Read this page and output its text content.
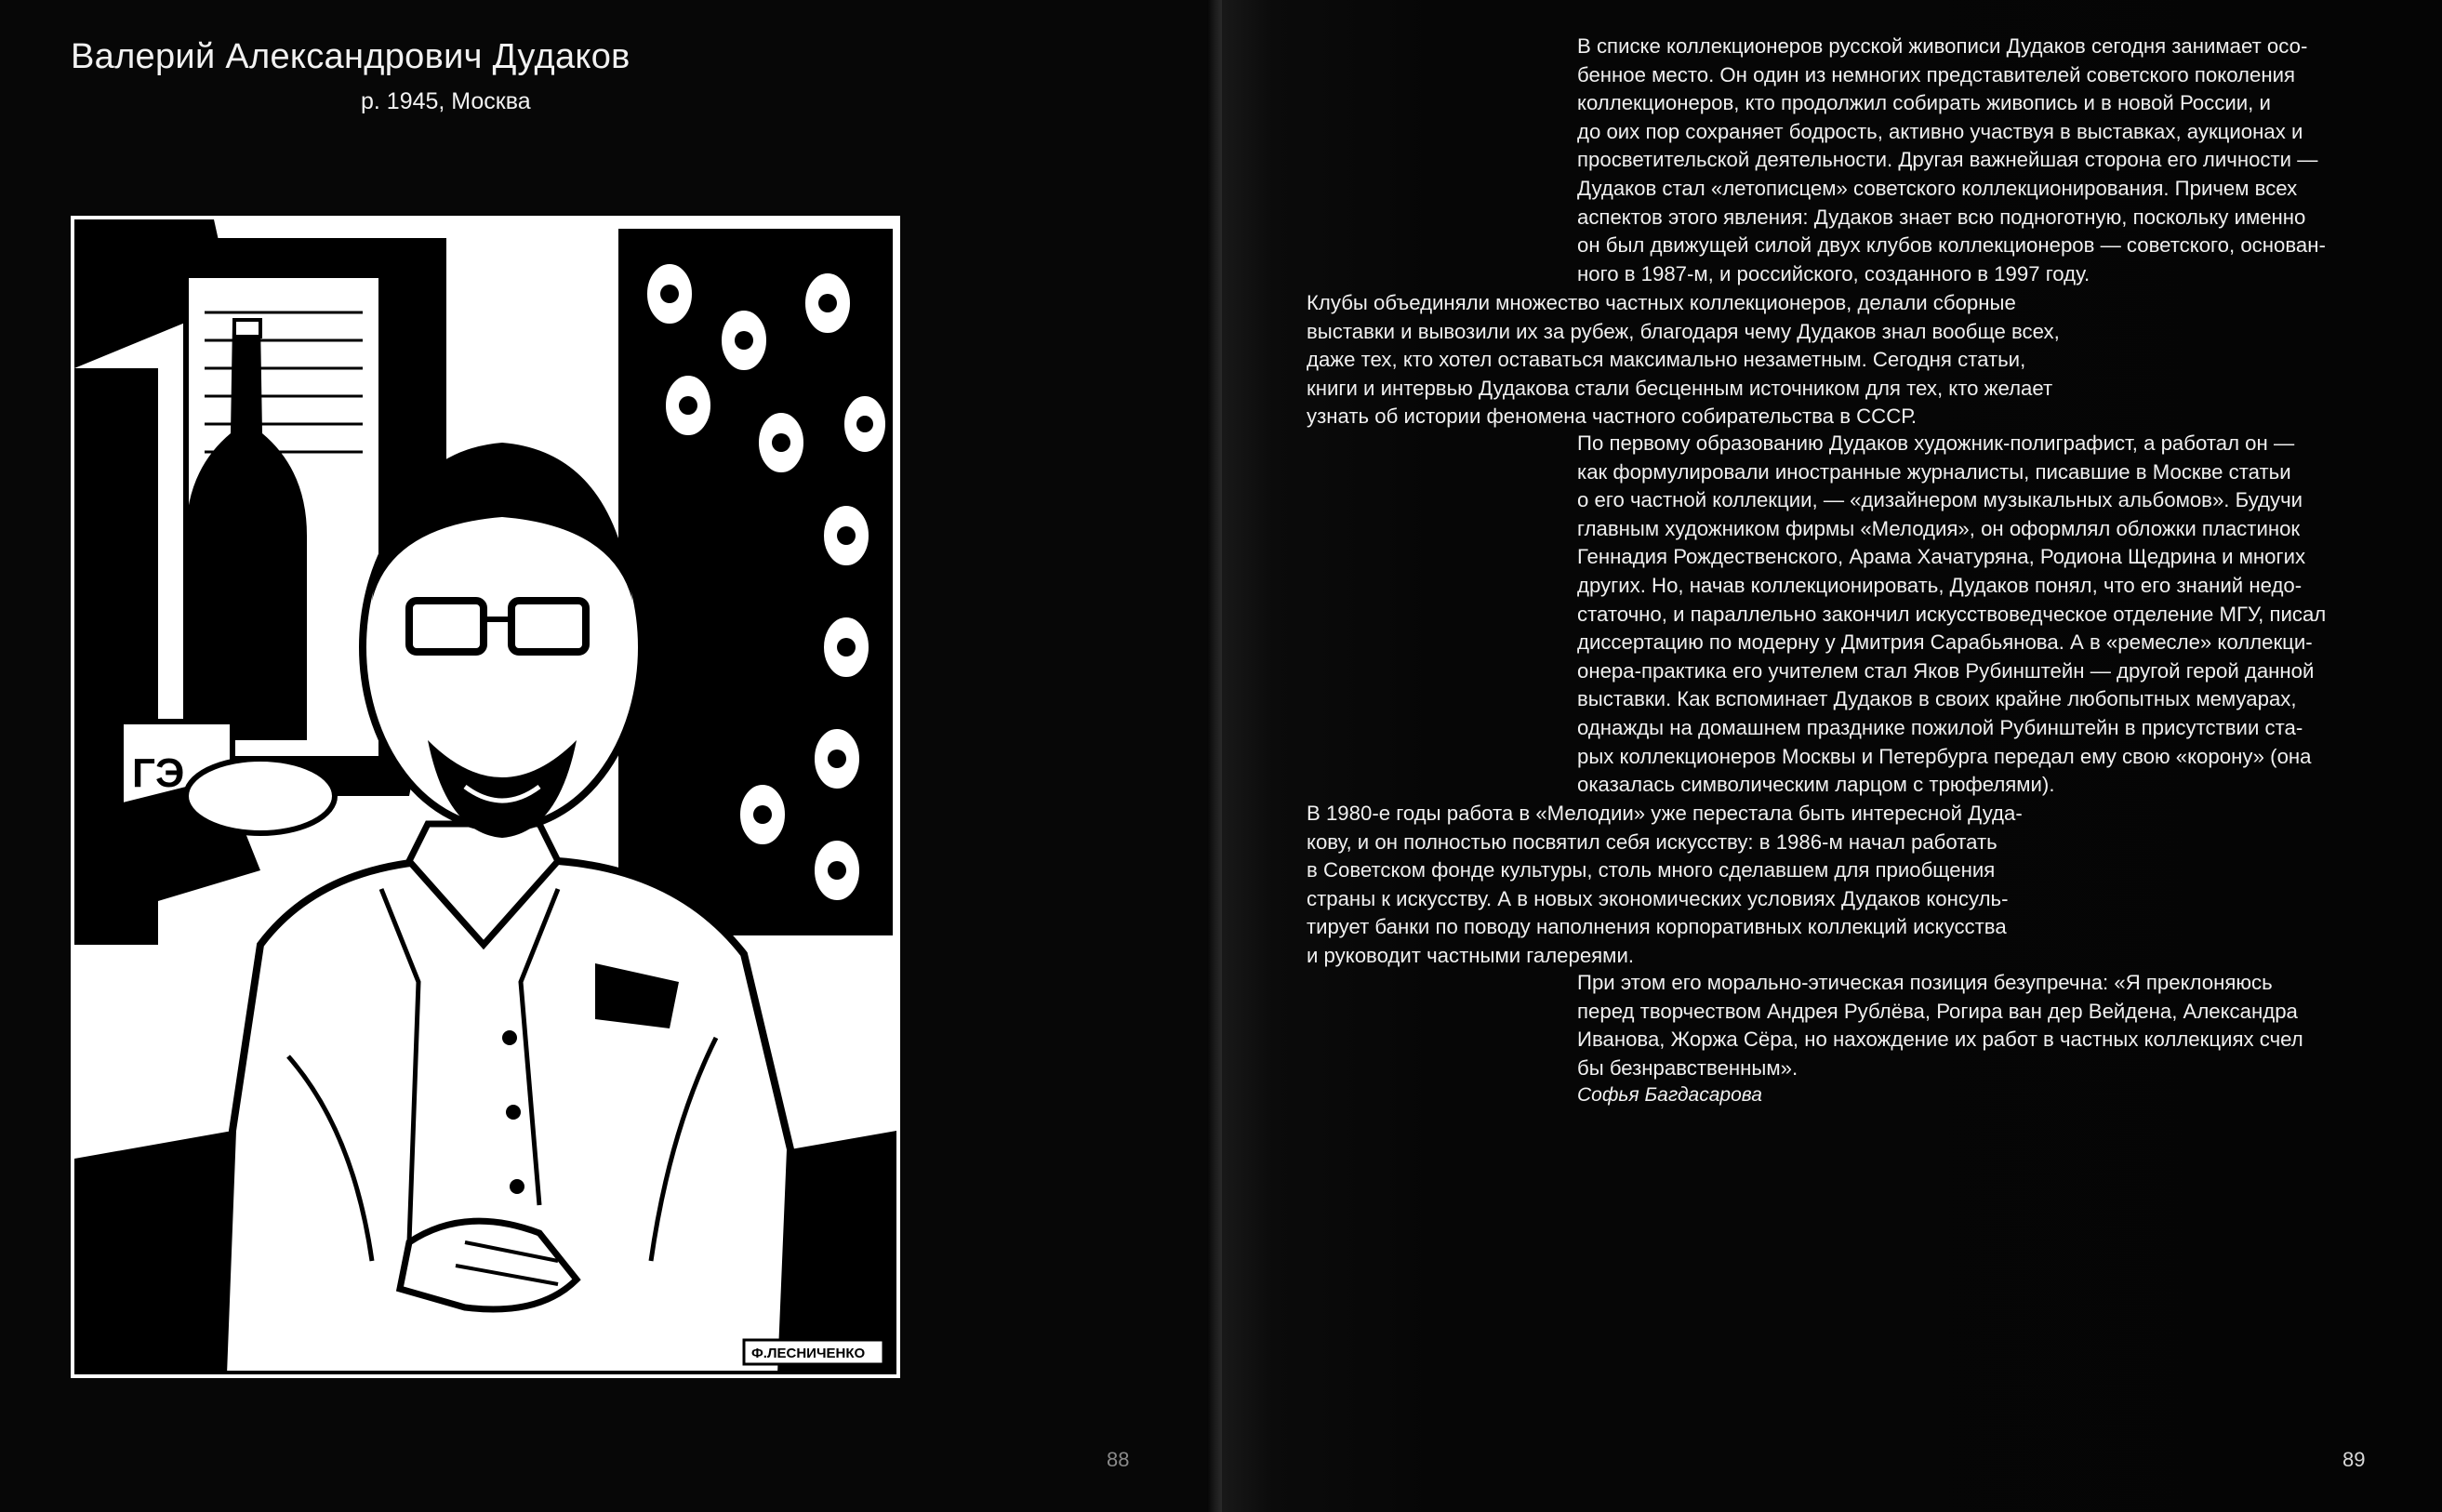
Валерий Александрович Дудаков
р. 1945, Москва
ГЭ
Ф.ЛЕСНИЧЕНКО
88

В списке коллекционеров русской живописи Дудаков сегодня занимает осо-

бенное место. Он один из немногих представителей советского поколения

коллекционеров, кто продолжил собирать живопись и в новой России, и

до оих пор сохраняет бодрость, активно участвуя в выставках, аукционах и

просветительской деятельности. Другая важнейшая сторона его личности —

Дудаков стал «летописцем» советского коллекционирования. Причем всех

аспектов этого явления: Дудаков знает всю подноготную, поскольку именно

он был движущей силой двух клубов коллекционеров — советского, основан-

ного в 1987-м, и российского, созданного в 1997 году.

Клубы объединяли множество частных коллекционеров, делали сборные

выставки и вывозили их за рубеж, благодаря чему Дудаков знал вообще всех,

даже тех, кто хотел оставаться максимально незаметным. Сегодня статьи,

книги и интервью Дудакова стали бесценным источником для тех, кто желает

узнать об истории феномена частного собирательства в СССР.

По первому образованию Дудаков художник-полиграфист, а работал он —

как формулировали иностранные журналисты, писавшие в Москве статьи

о его частной коллекции, — «дизайнером музыкальных альбомов». Будучи

главным художником фирмы «Мелодия», он оформлял обложки пластинок

Геннадия Рождественского, Арама Хачатуряна, Родиона Щедрина и многих

других. Но, начав коллекционировать, Дудаков понял, что его знаний недо-

статочно, и параллельно закончил искусствоведческое отделение МГУ, писал

диссертацию по модерну у Дмитрия Сарабьянова. А в «ремесле» коллекци-

онера-практика его учителем стал Яков Рубинштейн — другой герой данной

выставки. Как вспоминает Дудаков в своих крайне любопытных мемуарах,

однажды на домашнем празднике пожилой Рубинштейн в присутствии ста-

рых коллекционеров Москвы и Петербурга передал ему свою «корону» (она

оказалась символическим ларцом с трюфелями).

В 1980-е годы работа в «Мелодии» уже перестала быть интересной Дуда-

кову, и он полностью посвятил себя искусству: в 1986-м начал работать

в Советском фонде культуры, столь много сделавшем для приобщения

страны к искусству. А в новых экономических условиях Дудаков консуль-

тирует банки по поводу наполнения корпоративных коллекций искусства

и руководит частными галереями.

При этом его морально-этическая позиция безупречна: «Я преклоняюсь

перед творчеством Андрея Рублёва, Рогира ван дер Вейдена, Александра

Иванова, Жоржа Сёра, но нахождение их работ в частных коллекциях счел

бы безнравственным».

Софья Багдасарова
89
